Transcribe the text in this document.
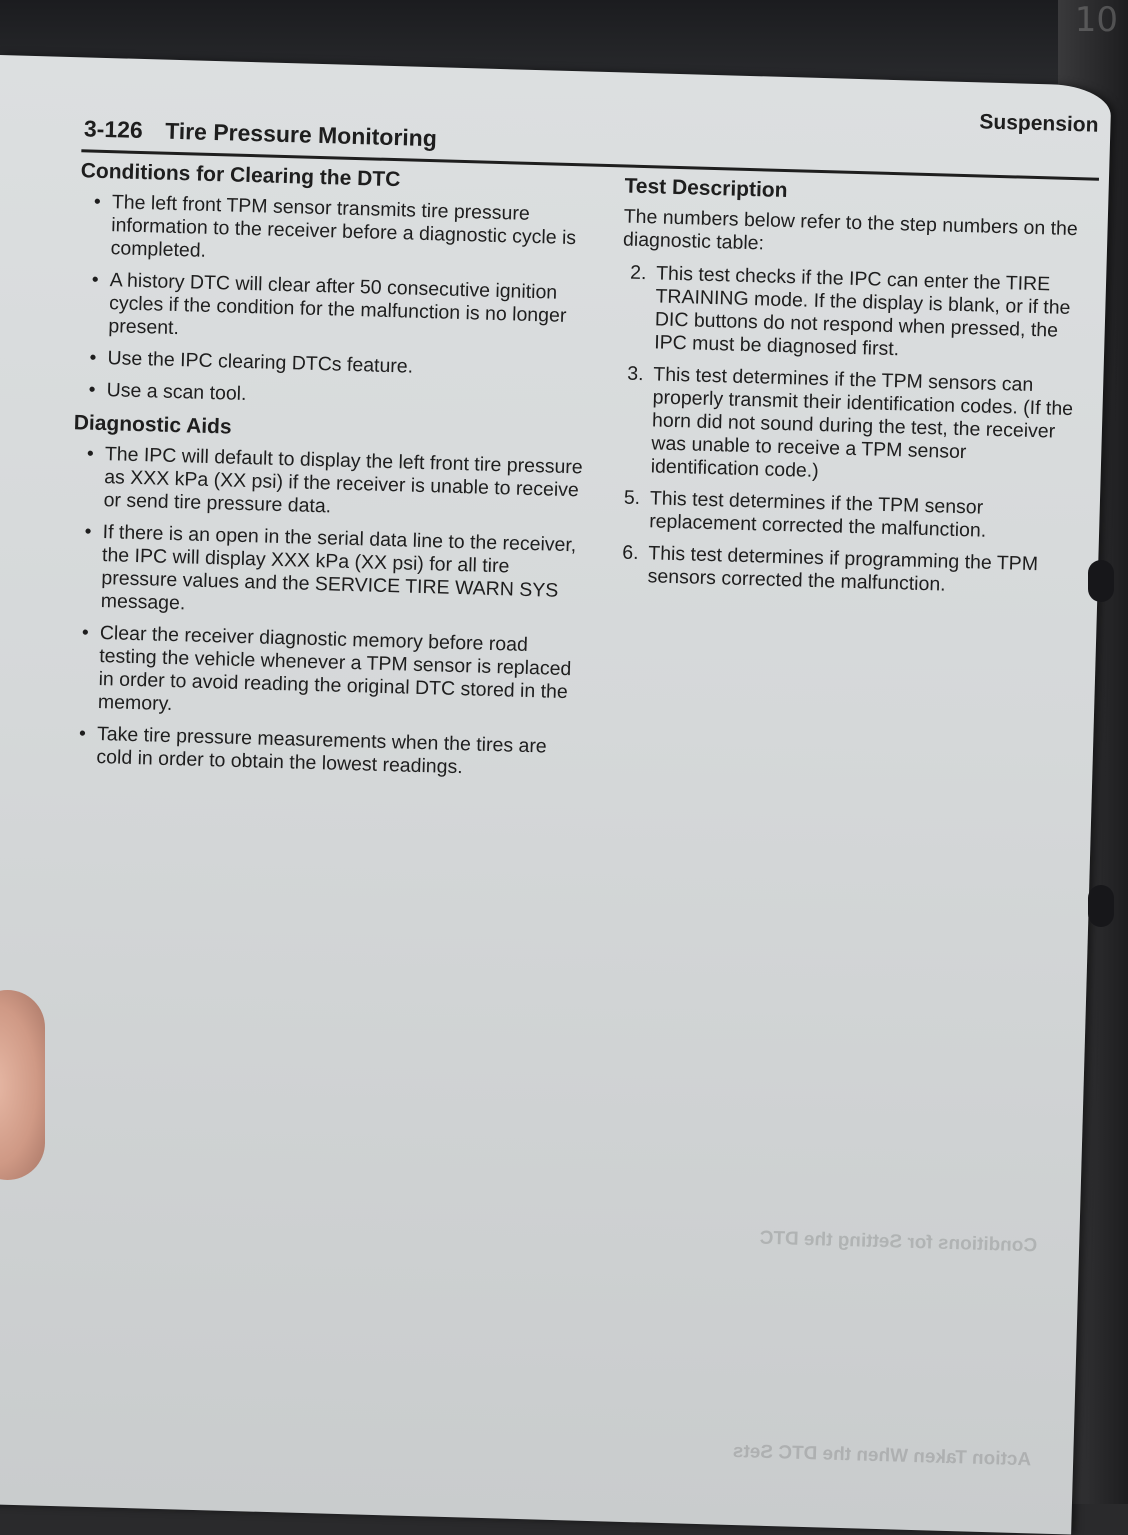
10
3-126 Tire Pressure Monitoring	Suspension
Conditions for Clearing the DTC
• The left front TPM sensor transmits tire pressure information to the receiver before a diagnostic cycle is completed.
• A history DTC will clear after 50 consecutive ignition cycles if the condition for the malfunction is no longer present.
• Use the IPC clearing DTCs feature.
• Use a scan tool.
Diagnostic Aids
• The IPC will default to display the left front tire pressure as XXX kPa (XX psi) if the receiver is unable to receive or send tire pressure data.
• If there is an open in the serial data line to the receiver, the IPC will display XXX kPa (XX psi) for all tire pressure values and the SERVICE TIRE WARN SYS message.
• Clear the receiver diagnostic memory before road testing the vehicle whenever a TPM sensor is replaced in order to avoid reading the original DTC stored in the memory.
• Take tire pressure measurements when the tires are cold in order to obtain the lowest readings.
Test Description

The numbers below refer to the step numbers on the diagnostic table:

2. This test checks if the IPC can enter the TIRE TRAINING mode. If the display is blank, or if the DIC buttons do not respond when pressed, the IPC must be diagnosed first.
3. This test determines if the TPM sensors can properly transmit their identification codes. (If the horn did not sound during the test, the receiver was unable to receive a TPM sensor identification code.)
5. This test determines if the TPM sensor replacement corrected the malfunction.
6. This test determines if programming the TPM sensors corrected the malfunction.
Conditions for Setting the DTC
Action Taken When the DTC Sets
